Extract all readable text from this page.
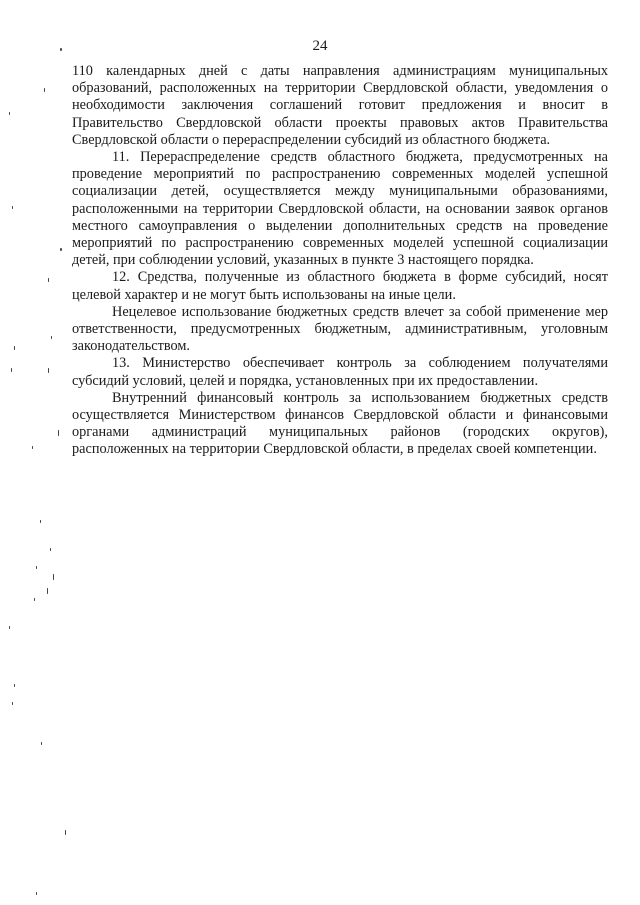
24

110 календарных дней с даты направления администрациям муниципальных образований, расположенных на территории Свердловской области, уведомления о необходимости заключения соглашений готовит предложения и вносит в Правительство Свердловской области проекты правовых актов Правительства Свердловской области о перераспределении субсидий из областного бюджета.

11. Перераспределение средств областного бюджета, предусмотренных на проведение мероприятий по распространению современных моделей успешной социализации детей, осуществляется между муниципальными образованиями, расположенными на территории Свердловской области, на основании заявок органов местного самоуправления о выделении дополнительных средств на проведение мероприятий по распространению современных моделей успешной социализации детей, при соблюдении условий, указанных в пункте 3 настоящего порядка.

12. Средства, полученные из областного бюджета в форме субсидий, носят целевой характер и не могут быть использованы на иные цели.

Нецелевое использование бюджетных средств влечет за собой применение мер ответственности, предусмотренных бюджетным, административным, уголовным законодательством.

13. Министерство обеспечивает контроль за соблюдением получателями субсидий условий, целей и порядка, установленных при их предоставлении.

Внутренний финансовый контроль за использованием бюджетных средств осуществляется Министерством финансов Свердловской области и финансовыми органами администраций муниципальных районов (городских округов), расположенных на территории Свердловской области, в пределах своей компетенции.
